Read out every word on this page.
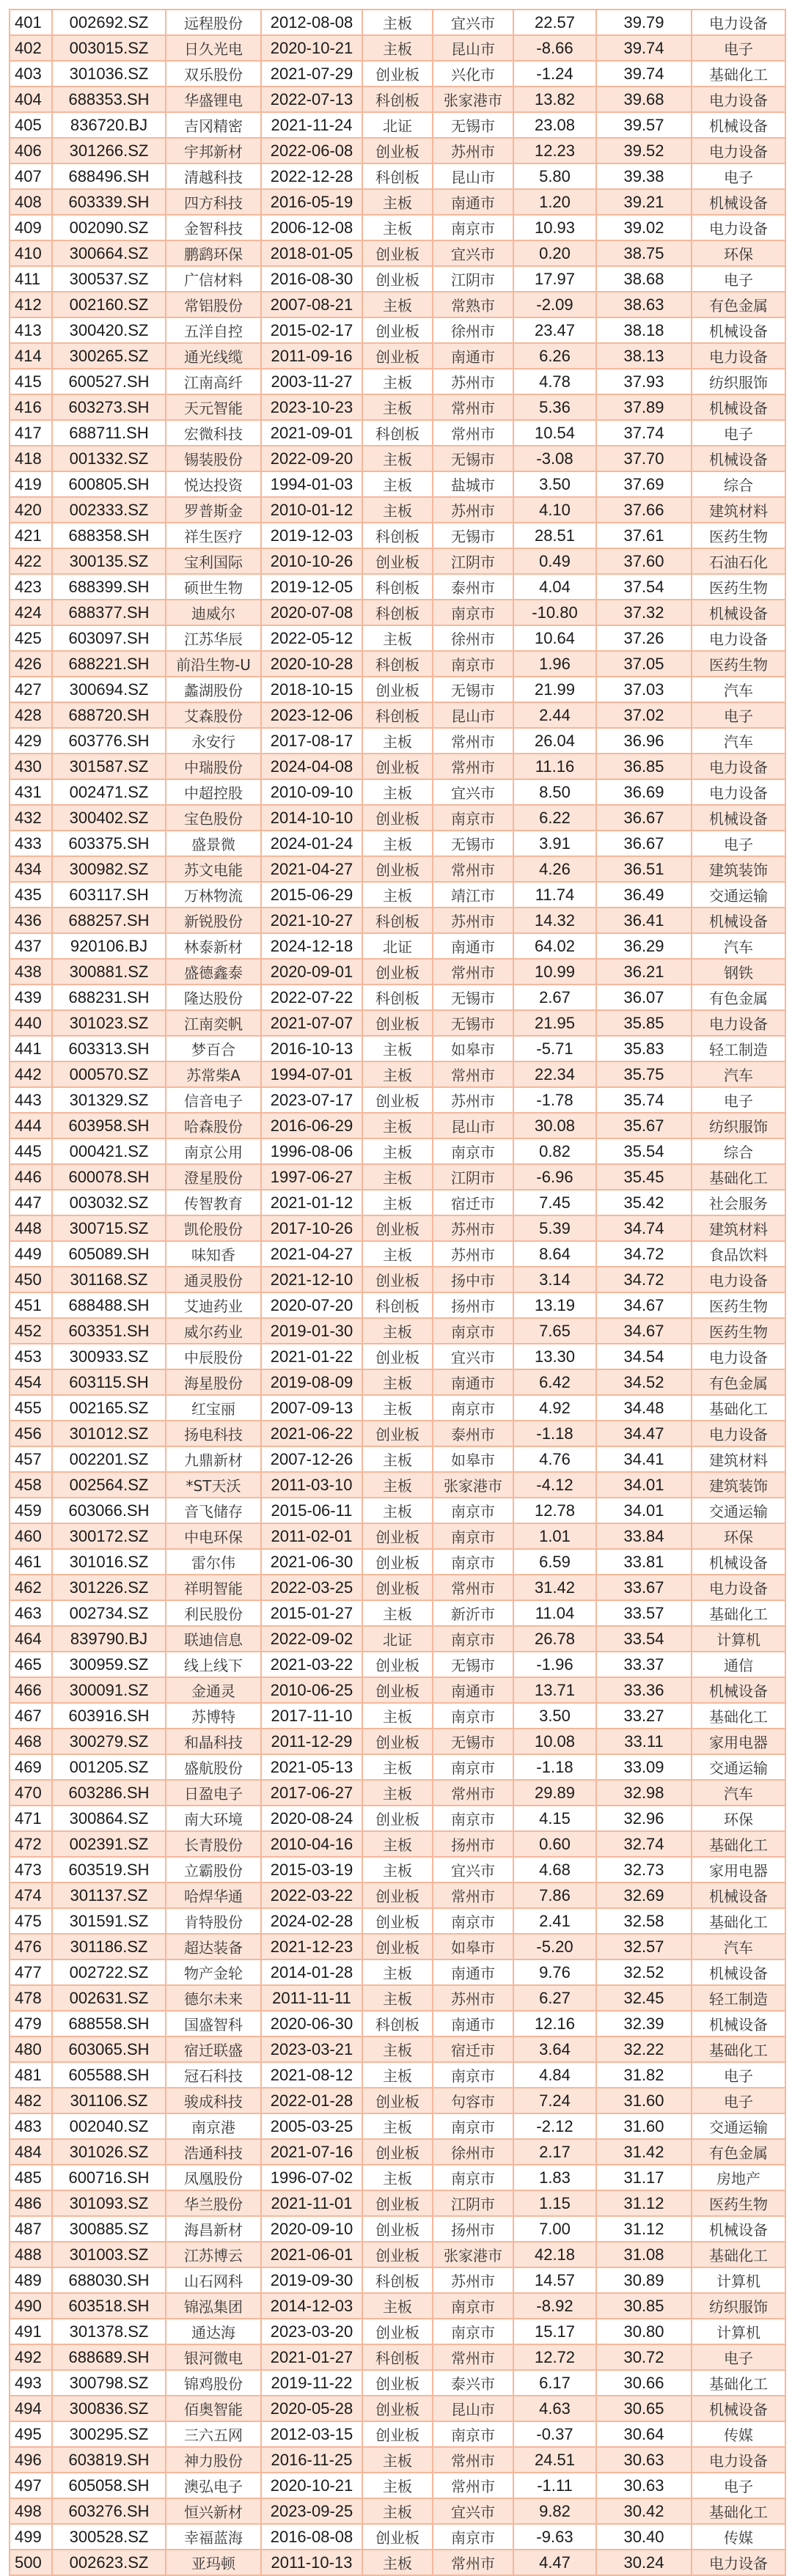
401	002692.SZ	远程股份	2012-08-08	主板	宜兴市	22.57	39.79	电力设备
402	003015.SZ	日久光电	2020-10-21	主板	昆山市	-8.66	39.74	电子
403	301036.SZ	双乐股份	2021-07-29	创业板	兴化市	-1.24	39.74	基础化工
404	688353.SH	华盛锂电	2022-07-13	科创板	张家港市	13.82	39.68	电力设备
405	836720.BJ	吉冈精密	2021-11-24	北证	无锡市	23.08	39.57	机械设备
406	301266.SZ	宇邦新材	2022-06-08	创业板	苏州市	12.23	39.52	电力设备
407	688496.SH	清越科技	2022-12-28	科创板	昆山市	5.80	39.38	电子
408	603339.SH	四方科技	2016-05-19	主板	南通市	1.20	39.21	机械设备
409	002090.SZ	金智科技	2006-12-08	主板	南京市	10.93	39.02	电力设备
410	300664.SZ	鹏鹞环保	2018-01-05	创业板	宜兴市	0.20	38.75	环保
411	300537.SZ	广信材料	2016-08-30	创业板	江阴市	17.97	38.68	电子
412	002160.SZ	常铝股份	2007-08-21	主板	常熟市	-2.09	38.63	有色金属
413	300420.SZ	五洋自控	2015-02-17	创业板	徐州市	23.47	38.18	机械设备
414	300265.SZ	通光线缆	2011-09-16	创业板	南通市	6.26	38.13	电力设备
415	600527.SH	江南高纤	2003-11-27	主板	苏州市	4.78	37.93	纺织服饰
416	603273.SH	天元智能	2023-10-23	主板	常州市	5.36	37.89	机械设备
417	688711.SH	宏微科技	2021-09-01	科创板	常州市	10.54	37.74	电子
418	001332.SZ	锡装股份	2022-09-20	主板	无锡市	-3.08	37.70	机械设备
419	600805.SH	悦达投资	1994-01-03	主板	盐城市	3.50	37.69	综合
420	002333.SZ	罗普斯金	2010-01-12	主板	苏州市	4.10	37.66	建筑材料
421	688358.SH	祥生医疗	2019-12-03	科创板	无锡市	28.51	37.61	医药生物
422	300135.SZ	宝利国际	2010-10-26	创业板	江阴市	0.49	37.60	石油石化
423	688399.SH	硕世生物	2019-12-05	科创板	泰州市	4.04	37.54	医药生物
424	688377.SH	迪威尔	2020-07-08	科创板	南京市	-10.80	37.32	机械设备
425	603097.SH	江苏华辰	2022-05-12	主板	徐州市	10.64	37.26	电力设备
426	688221.SH	前沿生物-U	2020-10-28	科创板	南京市	1.96	37.05	医药生物
427	300694.SZ	蠡湖股份	2018-10-15	创业板	无锡市	21.99	37.03	汽车
428	688720.SH	艾森股份	2023-12-06	科创板	昆山市	2.44	37.02	电子
429	603776.SH	永安行	2017-08-17	主板	常州市	26.04	36.96	汽车
430	301587.SZ	中瑞股份	2024-04-08	创业板	常州市	11.16	36.85	电力设备
431	002471.SZ	中超控股	2010-09-10	主板	宜兴市	8.50	36.69	电力设备
432	300402.SZ	宝色股份	2014-10-10	创业板	南京市	6.22	36.67	机械设备
433	603375.SH	盛景微	2024-01-24	主板	无锡市	3.91	36.67	电子
434	300982.SZ	苏文电能	2021-04-27	创业板	常州市	4.26	36.51	建筑装饰
435	603117.SH	万林物流	2015-06-29	主板	靖江市	11.74	36.49	交通运输
436	688257.SH	新锐股份	2021-10-27	科创板	苏州市	14.32	36.41	机械设备
437	920106.BJ	林泰新材	2024-12-18	北证	南通市	64.02	36.29	汽车
438	300881.SZ	盛德鑫泰	2020-09-01	创业板	常州市	10.99	36.21	钢铁
439	688231.SH	隆达股份	2022-07-22	科创板	无锡市	2.67	36.07	有色金属
440	301023.SZ	江南奕帆	2021-07-07	创业板	无锡市	21.95	35.85	电力设备
441	603313.SH	梦百合	2016-10-13	主板	如皋市	-5.71	35.83	轻工制造
442	000570.SZ	苏常柴A	1994-07-01	主板	常州市	22.34	35.75	汽车
443	301329.SZ	信音电子	2023-07-17	创业板	苏州市	-1.78	35.74	电子
444	603958.SH	哈森股份	2016-06-29	主板	昆山市	30.08	35.67	纺织服饰
445	000421.SZ	南京公用	1996-08-06	主板	南京市	0.82	35.54	综合
446	600078.SH	澄星股份	1997-06-27	主板	江阴市	-6.96	35.45	基础化工
447	003032.SZ	传智教育	2021-01-12	主板	宿迁市	7.45	35.42	社会服务
448	300715.SZ	凯伦股份	2017-10-26	创业板	苏州市	5.39	34.74	建筑材料
449	605089.SH	味知香	2021-04-27	主板	苏州市	8.64	34.72	食品饮料
450	301168.SZ	通灵股份	2021-12-10	创业板	扬中市	3.14	34.72	电力设备
451	688488.SH	艾迪药业	2020-07-20	科创板	扬州市	13.19	34.67	医药生物
452	603351.SH	威尔药业	2019-01-30	主板	南京市	7.65	34.67	医药生物
453	300933.SZ	中辰股份	2021-01-22	创业板	宜兴市	13.30	34.54	电力设备
454	603115.SH	海星股份	2019-08-09	主板	南通市	6.42	34.52	有色金属
455	002165.SZ	红宝丽	2007-09-13	主板	南京市	4.92	34.48	基础化工
456	301012.SZ	扬电科技	2021-06-22	创业板	泰州市	-1.18	34.47	电力设备
457	002201.SZ	九鼎新材	2007-12-26	主板	如皋市	4.76	34.41	建筑材料
458	002564.SZ	*ST天沃	2011-03-10	主板	张家港市	-4.12	34.01	建筑装饰
459	603066.SH	音飞储存	2015-06-11	主板	南京市	12.78	34.01	交通运输
460	300172.SZ	中电环保	2011-02-01	创业板	南京市	1.01	33.84	环保
461	301016.SZ	雷尔伟	2021-06-30	创业板	南京市	6.59	33.81	机械设备
462	301226.SZ	祥明智能	2022-03-25	创业板	常州市	31.42	33.67	电力设备
463	002734.SZ	利民股份	2015-01-27	主板	新沂市	11.04	33.57	基础化工
464	839790.BJ	联迪信息	2022-09-02	北证	南京市	26.78	33.54	计算机
465	300959.SZ	线上线下	2021-03-22	创业板	无锡市	-1.96	33.37	通信
466	300091.SZ	金通灵	2010-06-25	创业板	南通市	13.71	33.36	机械设备
467	603916.SH	苏博特	2017-11-10	主板	南京市	3.50	33.27	基础化工
468	300279.SZ	和晶科技	2011-12-29	创业板	无锡市	10.08	33.11	家用电器
469	001205.SZ	盛航股份	2021-05-13	主板	南京市	-1.18	33.09	交通运输
470	603286.SH	日盈电子	2017-06-27	主板	常州市	29.89	32.98	汽车
471	300864.SZ	南大环境	2020-08-24	创业板	南京市	4.15	32.96	环保
472	002391.SZ	长青股份	2010-04-16	主板	扬州市	0.60	32.74	基础化工
473	603519.SH	立霸股份	2015-03-19	主板	宜兴市	4.68	32.73	家用电器
474	301137.SZ	哈焊华通	2022-03-22	创业板	常州市	7.86	32.69	机械设备
475	301591.SZ	肯特股份	2024-02-28	创业板	南京市	2.41	32.58	基础化工
476	301186.SZ	超达装备	2021-12-23	创业板	如皋市	-5.20	32.57	汽车
477	002722.SZ	物产金轮	2014-01-28	主板	南通市	9.76	32.52	机械设备
478	002631.SZ	德尔未来	2011-11-11	主板	苏州市	6.27	32.45	轻工制造
479	688558.SH	国盛智科	2020-06-30	科创板	南通市	12.16	32.39	机械设备
480	603065.SH	宿迁联盛	2023-03-21	主板	宿迁市	3.64	32.22	基础化工
481	605588.SH	冠石科技	2021-08-12	主板	南京市	4.84	31.82	电子
482	301106.SZ	骏成科技	2022-01-28	创业板	句容市	7.24	31.60	电子
483	002040.SZ	南京港	2005-03-25	主板	南京市	-2.12	31.60	交通运输
484	301026.SZ	浩通科技	2021-07-16	创业板	徐州市	2.17	31.42	有色金属
485	600716.SH	凤凰股份	1996-07-02	主板	南京市	1.83	31.17	房地产
486	301093.SZ	华兰股份	2021-11-01	创业板	江阴市	1.15	31.12	医药生物
487	300885.SZ	海昌新材	2020-09-10	创业板	扬州市	7.00	31.12	机械设备
488	301003.SZ	江苏博云	2021-06-01	创业板	张家港市	42.18	31.08	基础化工
489	688030.SH	山石网科	2019-09-30	科创板	苏州市	14.57	30.89	计算机
490	603518.SH	锦泓集团	2014-12-03	主板	南京市	-8.92	30.85	纺织服饰
491	301378.SZ	通达海	2023-03-20	创业板	南京市	15.17	30.80	计算机
492	688689.SH	银河微电	2021-01-27	科创板	常州市	12.72	30.72	电子
493	300798.SZ	锦鸡股份	2019-11-22	创业板	泰兴市	6.17	30.66	基础化工
494	300836.SZ	佰奥智能	2020-05-28	创业板	昆山市	4.63	30.65	机械设备
495	300295.SZ	三六五网	2012-03-15	创业板	南京市	-0.37	30.64	传媒
496	603819.SH	神力股份	2016-11-25	主板	常州市	24.51	30.63	电力设备
497	605058.SH	澳弘电子	2020-10-21	主板	常州市	-1.11	30.63	电子
498	603276.SH	恒兴新材	2023-09-25	主板	宜兴市	9.82	30.42	基础化工
499	300528.SZ	幸福蓝海	2016-08-08	创业板	南京市	-9.63	30.40	传媒
500	002623.SZ	亚玛顿	2011-10-13	主板	常州市	4.47	30.24	电力设备
